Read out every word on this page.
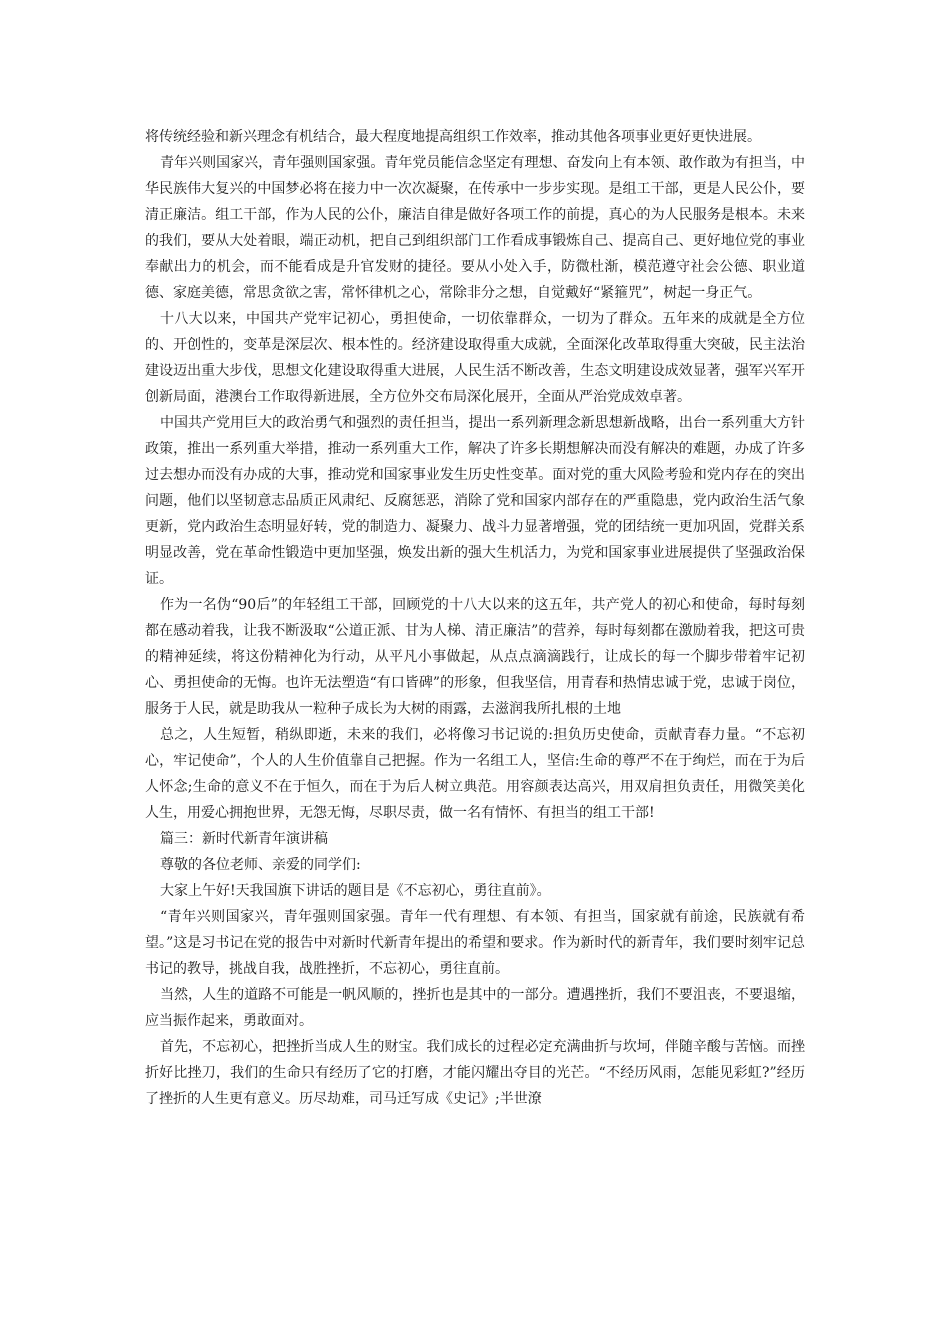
将传统经验和新兴理念有机结合，最大程度地提高组织工作效率，推动其他各项事业更好更快进展。

青年兴则国家兴，青年强则国家强。青年党员能信念坚定有理想、奋发向上有本领、敢作敢为有担当，中华民族伟大复兴的中国梦必将在接力中一次次凝聚，在传承中一步步实现。是组工干部，更是人民公仆，要清正廉洁。组工干部，作为人民的公仆，廉洁自律是做好各项工作的前提，真心的为人民服务是根本。未来的我们，要从大处着眼，端正动机，把自己到组织部门工作看成事锻炼自己、提高自己、更好地位党的事业奉献出力的机会，而不能看成是升官发财的捷径。要从小处入手，防微杜渐，模范遵守社会公德、职业道德、家庭美德，常思贪欲之害，常怀律机之心，常除非分之想，自觉戴好“紧箍咒”，树起一身正气。

十八大以来，中国共产党牢记初心，勇担使命，一切依靠群众，一切为了群众。五年来的成就是全方位的、开创性的，变革是深层次、根本性的。经济建设取得重大成就，全面深化改革取得重大突破，民主法治建设迈出重大步伐，思想文化建设取得重大进展，人民生活不断改善，生态文明建设成效显著，强军兴军开创新局面，港澳台工作取得新进展，全方位外交布局深化展开，全面从严治党成效卓著。

中国共产党用巨大的政治勇气和强烈的责任担当，提出一系列新理念新思想新战略，出台一系列重大方针政策，推出一系列重大举措，推动一系列重大工作，解决了许多长期想解决而没有解决的难题，办成了许多过去想办而没有办成的大事，推动党和国家事业发生历史性变革。面对党的重大风险考验和党内存在的突出问题，他们以坚韧意志品质正风肃纪、反腐惩恶，消除了党和国家内部存在的严重隐患，党内政治生活气象更新，党内政治生态明显好转，党的制造力、凝聚力、战斗力显著增强，党的团结统一更加巩固，党群关系明显改善，党在革命性锻造中更加坚强，焕发出新的强大生机活力，为党和国家事业进展提供了坚强政治保证。

作为一名伪“90后”的年轻组工干部，回顾党的十八大以来的这五年，共产党人的初心和使命，每时每刻都在感动着我，让我不断汲取“公道正派、甘为人梯、清正廉洁”的营养，每时每刻都在激励着我，把这可贵的精神延续，将这份精神化为行动，从平凡小事做起，从点点滴滴践行，让成长的每一个脚步带着牢记初心、勇担使命的无悔。也许无法塑造“有口皆碑”的形象，但我坚信，用青春和热情忠诚于党，忠诚于岗位，服务于人民，就是助我从一粒种子成长为大树的雨露，去滋润我所扎根的土地

总之，人生短暂，稍纵即逝，未来的我们，必将像习书记说的:担负历史使命，贡献青春力量。“不忘初心，牢记使命”，个人的人生价值靠自己把握。作为一名组工人，坚信:生命的尊严不在于绚烂，而在于为后人怀念;生命的意义不在于恒久，而在于为后人树立典范。用容颜表达高兴，用双肩担负责任，用微笑美化人生，用爱心拥抱世界，无怨无悔，尽职尽责，做一名有情怀、有担当的组工干部!

篇三：新时代新青年演讲稿

尊敬的各位老师、亲爱的同学们:

大家上午好!天我国旗下讲话的题目是《不忘初心，勇往直前》。

“青年兴则国家兴，青年强则国家强。青年一代有理想、有本领、有担当，国家就有前途，民族就有希望。”这是习书记在党的报告中对新时代新青年提出的希望和要求。作为新时代的新青年，我们要时刻牢记总书记的教导，挑战自我，战胜挫折，不忘初心，勇往直前。

当然，人生的道路不可能是一帆风顺的，挫折也是其中的一部分。遭遇挫折，我们不要沮丧，不要退缩，应当振作起来，勇敢面对。

首先，不忘初心，把挫折当成人生的财宝。我们成长的过程必定充满曲折与坎坷，伴随辛酸与苦恼。而挫折好比挫刀，我们的生命只有经历了它的打磨，才能闪耀出夺目的光芒。“不经历风雨，怎能见彩虹?”经历了挫折的人生更有意义。历尽劫难，司马迁写成《史记》;半世潦
